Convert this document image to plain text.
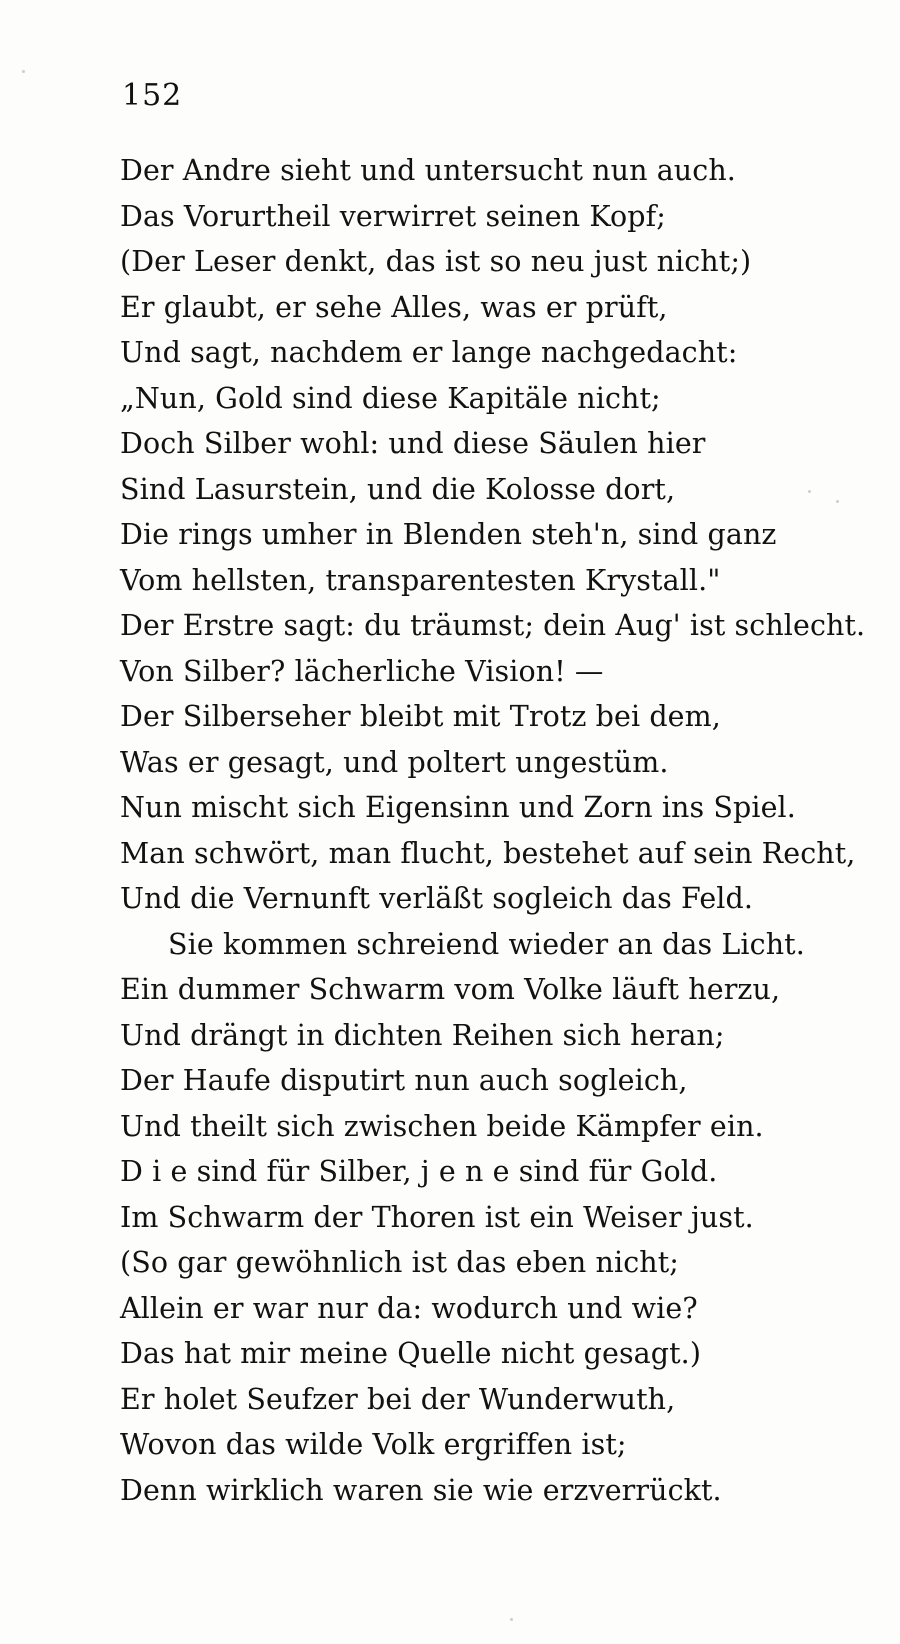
152
Der Andre sieht und untersucht nun auch.
Das Vorurtheil verwirret seinen Kopf;
(Der Leser denkt, das ist so neu just nicht;)
Er glaubt, er sehe Alles, was er prüft,
Und sagt, nachdem er lange nachgedacht:
„Nun, Gold sind diese Kapitäle nicht;
Doch Silber wohl: und diese Säulen hier
Sind Lasurstein, und die Kolosse dort,
Die rings umher in Blenden steh'n, sind ganz
Vom hellsten, transparentesten Krystall."
Der Erstre sagt: du träumst; dein Aug' ist schlecht.
Von Silber? lächerliche Vision! —
Der Silberseher bleibt mit Trotz bei dem,
Was er gesagt, und poltert ungestüm.
Nun mischt sich Eigensinn und Zorn ins Spiel.
Man schwört, man flucht, bestehet auf sein Recht,
Und die Vernunft verläßt sogleich das Feld.
Sie kommen schreiend wieder an das Licht.
Ein dummer Schwarm vom Volke läuft herzu,
Und drängt in dichten Reihen sich heran;
Der Haufe disputirt nun auch sogleich,
Und theilt sich zwischen beide Kämpfer ein.
D i e sind für Silber, j e n e sind für Gold.
Im Schwarm der Thoren ist ein Weiser just.
(So gar gewöhnlich ist das eben nicht;
Allein er war nur da: wodurch und wie?
Das hat mir meine Quelle nicht gesagt.)
Er holet Seufzer bei der Wunderwuth,
Wovon das wilde Volk ergriffen ist;
Denn wirklich waren sie wie erzverrückt.
